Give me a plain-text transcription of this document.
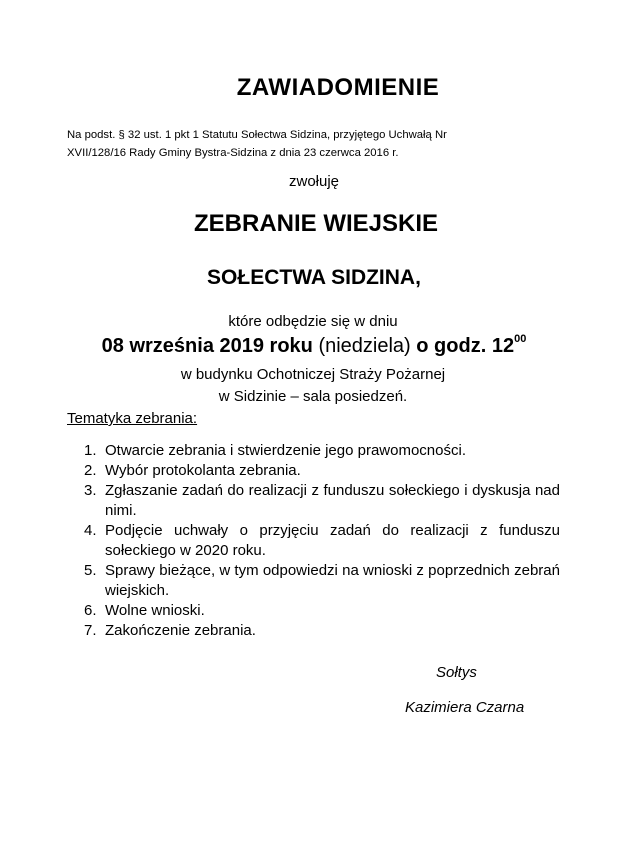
ZAWIADOMIENIE
Na podst. § 32 ust. 1 pkt 1 Statutu Sołectwa Sidzina, przyjętego Uchwałą Nr
XVII/128/16 Rady Gminy Bystra-Sidzina z dnia 23 czerwca 2016 r.
zwołuję
ZEBRANIE WIEJSKIE
SOŁECTWA SIDZINA,
które odbędzie się w dniu
08 września 2019 roku (niedziela) o godz. $12^{00}$
w budynku Ochotniczej Straży Pożarnej
w Sidzinie – sala posiedzeń.
Tematyka zebrania:
1. Otwarcie zebrania i stwierdzenie jego prawomocności.
2. Wybór protokolanta zebrania.
3. Zgłaszanie zadań do realizacji z funduszu sołeckiego i dyskusja nad nimi.
4. Podjęcie uchwały o przyjęciu zadań do realizacji z funduszu sołeckiego w 2020 roku.
5. Sprawy bieżące, w tym odpowiedzi na wnioski z poprzednich zebrań wiejskich.
6. Wolne wnioski.
7. Zakończenie zebrania.
Sołtys
Kazimiera Czarna
